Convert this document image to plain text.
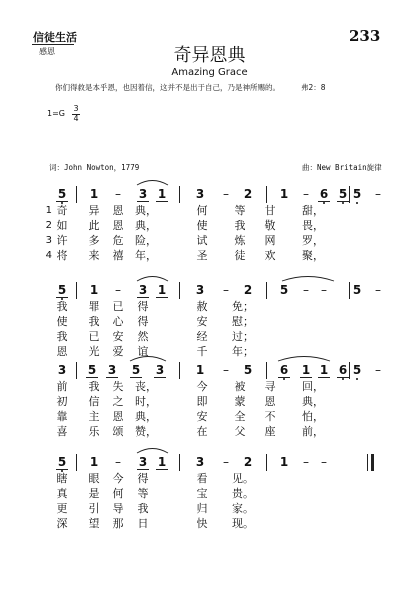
信徒生活
感恩
233
奇异恩典
Amazing Grace
你们得救是本乎恩，也因着信，这并不是出于自己，乃是神所赐的。	弗2：8
1=G
3
4
词：John Nowton，1779	曲：New Britain旋律
5	1	–	3 1	3	–	2	1	– 6 5 5	–
1 奇 异 恩 典，	何 等 甘 甜，
2 如 此 恩 典，	使 我 敬 畏，
3 许 多 危 险，	试 炼 网 罗，
4 将 来 禧 年，	圣 徒 欢 聚，
5	1	–	3 1	3	–	2	5	–	–	5	–
我 罪 已 得	赦 免；
使 我 心 得	安 慰；
我 已 安 然	经 过；
恩 光 爱 谊	千 年；
3	5 3	5	3	1	–	5	6	1 1 6 5	–
前 我 失 丧，	今 被 寻 回，
初 信 之 时，	即 蒙 恩 典，
靠 主 恩 典，	安 全 不 怕，
喜 乐 颂 赞，	在 父 座 前，
5	1	–	3 1	3	–	2	1	–	–
瞎 眼 今 得	看 见。
真 是 何 等	宝 贵。
更 引 导 我	归 家。
深 望 那 日	快 现。
